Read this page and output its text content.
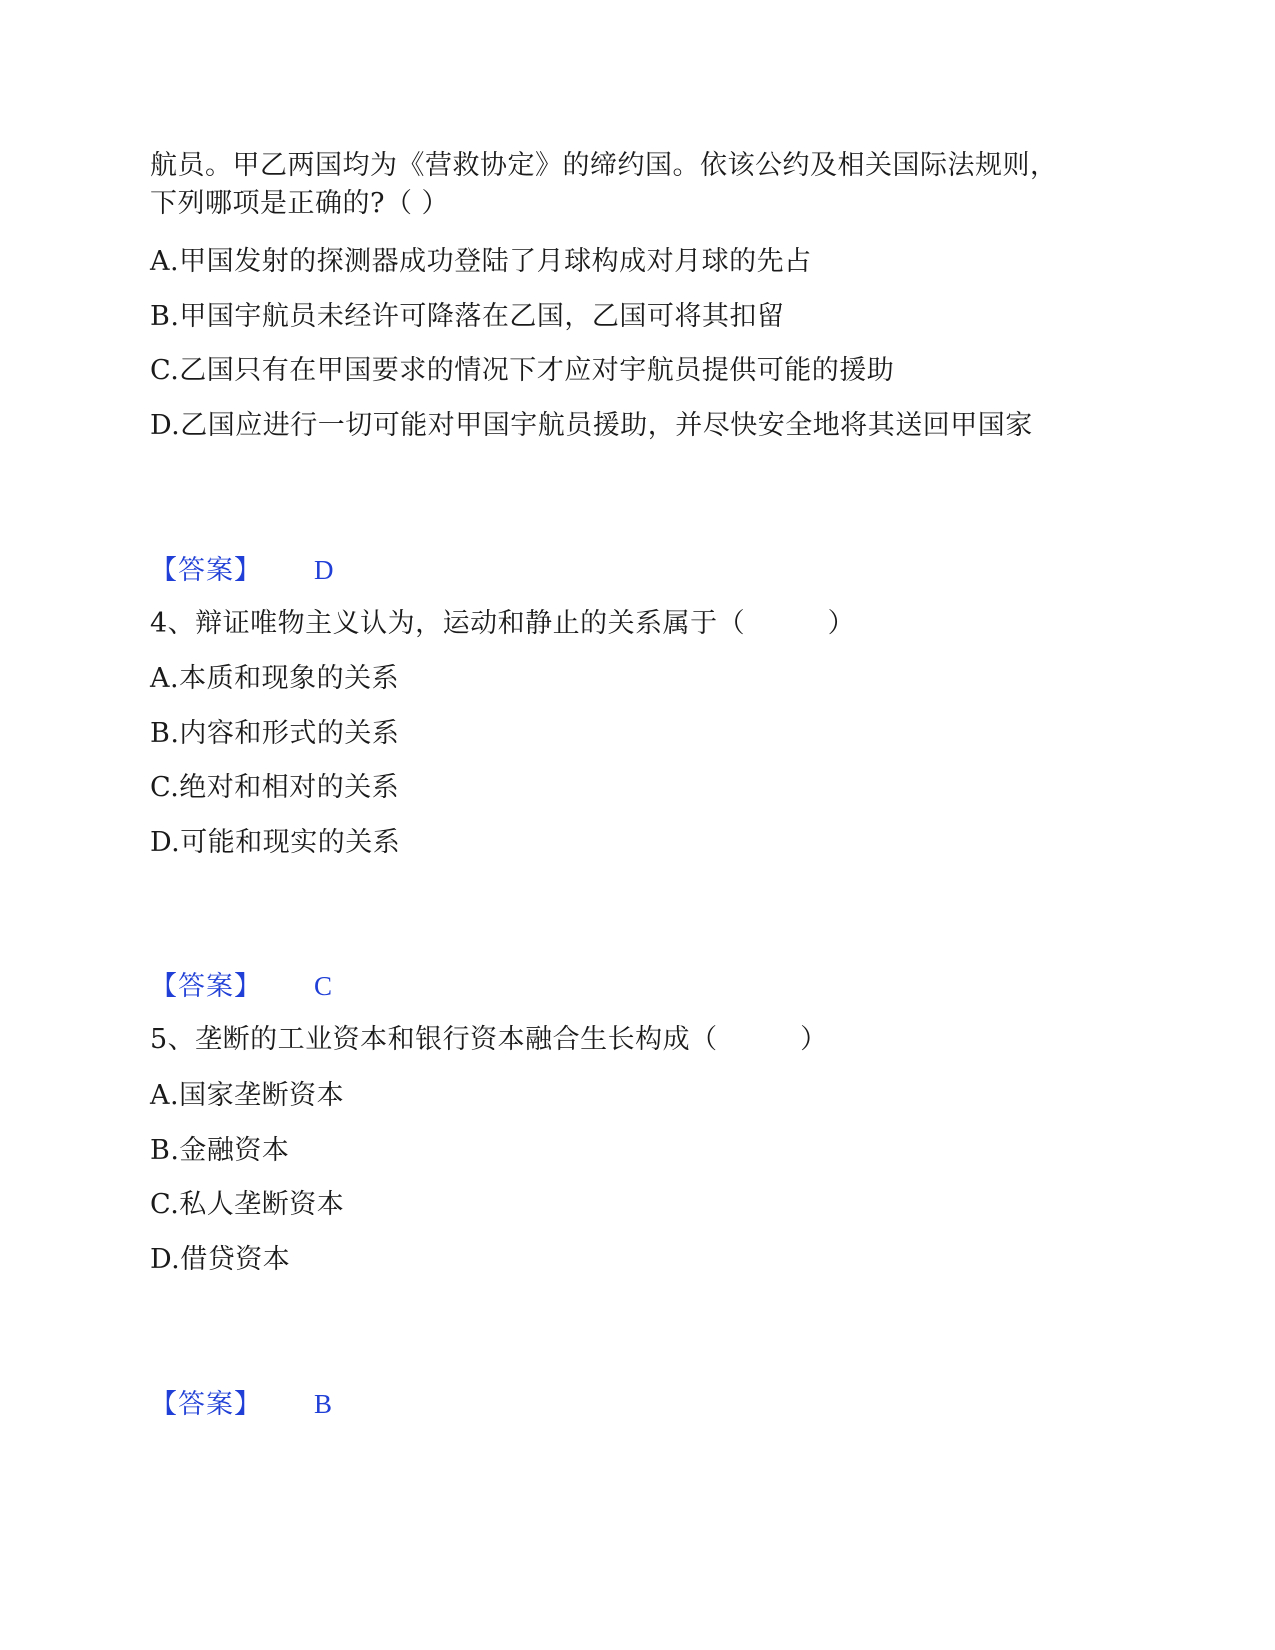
航员。甲乙两国均为《营救协定》的缔约国。依该公约及相关国际法规则，
下列哪项是正确的?（ ）
A.甲国发射的探测器成功登陆了月球构成对月球的先占
B.甲国宇航员未经许可降落在乙国，乙国可将其扣留
C.乙国只有在甲国要求的情况下才应对宇航员提供可能的援助
D.乙国应进行一切可能对甲国宇航员援助，并尽快安全地将其送回甲国家
【答案】 D
4、辩证唯物主义认为，运动和静止的关系属于（　　　）
A.本质和现象的关系
B.内容和形式的关系
C.绝对和相对的关系
D.可能和现实的关系
【答案】 C
5、垄断的工业资本和银行资本融合生长构成（　　　）
A.国家垄断资本
B.金融资本
C.私人垄断资本
D.借贷资本
【答案】 B
